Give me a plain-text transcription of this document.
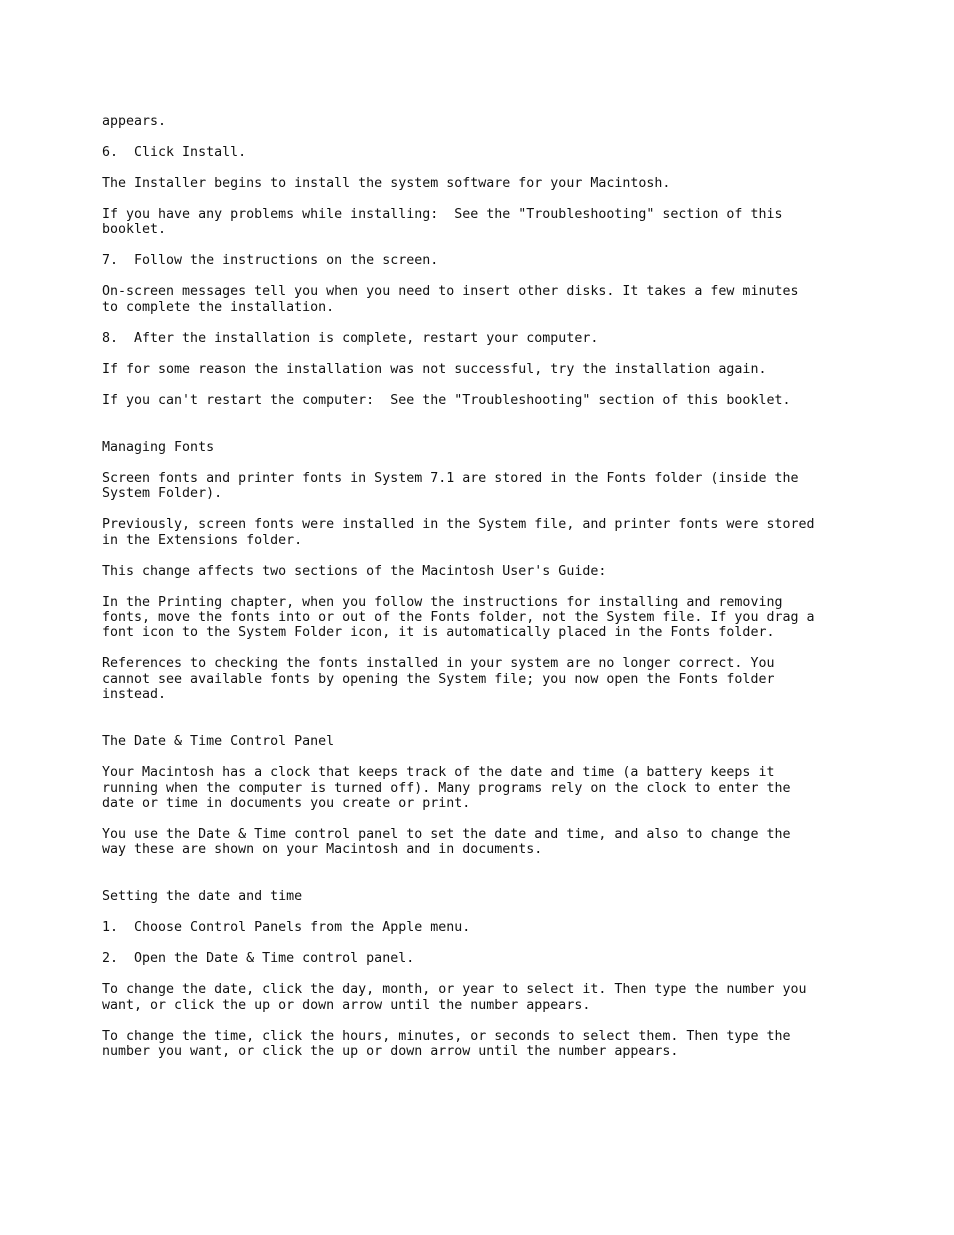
appears.
6.  Click Install.
The Installer begins to install the system software for your Macintosh.
If you have any problems while installing:  See the "Troubleshooting" section of this
booklet.
7.  Follow the instructions on the screen.
On-screen messages tell you when you need to insert other disks. It takes a few minutes
to complete the installation.
8.  After the installation is complete, restart your computer.
If for some reason the installation was not successful, try the installation again.
If you can't restart the computer:  See the "Troubleshooting" section of this booklet.
Managing Fonts
Screen fonts and printer fonts in System 7.1 are stored in the Fonts folder (inside the
System Folder).
Previously, screen fonts were installed in the System file, and printer fonts were stored
in the Extensions folder.
This change affects two sections of the Macintosh User's Guide:
In the Printing chapter, when you follow the instructions for installing and removing
fonts, move the fonts into or out of the Fonts folder, not the System file. If you drag a
font icon to the System Folder icon, it is automatically placed in the Fonts folder.
References to checking the fonts installed in your system are no longer correct. You
cannot see available fonts by opening the System file; you now open the Fonts folder
instead.
The Date & Time Control Panel
Your Macintosh has a clock that keeps track of the date and time (a battery keeps it
running when the computer is turned off). Many programs rely on the clock to enter the
date or time in documents you create or print.
You use the Date & Time control panel to set the date and time, and also to change the
way these are shown on your Macintosh and in documents.
Setting the date and time
1.  Choose Control Panels from the Apple menu.
2.  Open the Date & Time control panel.
To change the date, click the day, month, or year to select it. Then type the number you
want, or click the up or down arrow until the number appears.
To change the time, click the hours, minutes, or seconds to select them. Then type the
number you want, or click the up or down arrow until the number appears.
